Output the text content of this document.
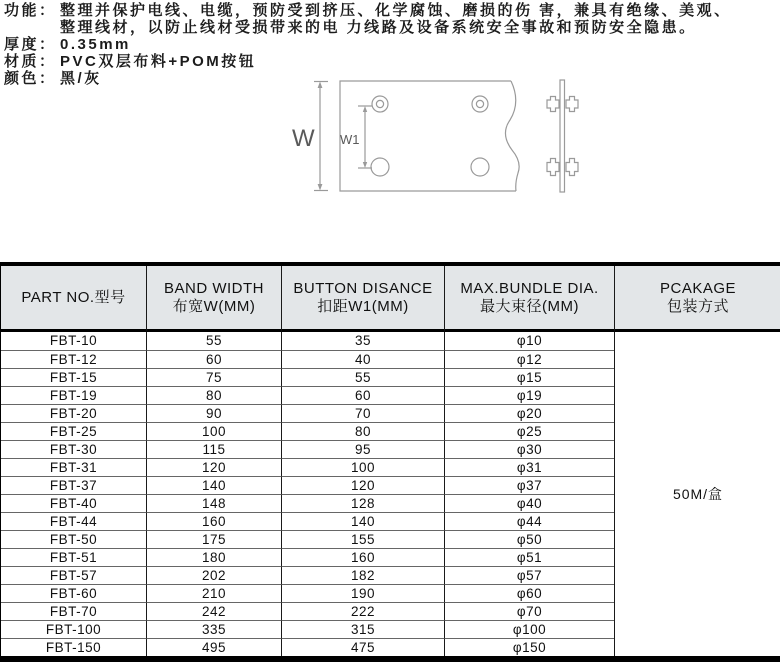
功能： 整理并保护电线、电缆，预防受到挤压、化学腐蚀、磨损的伤 害，兼具有绝缘、美观、
整理线材，以防止线材受损带来的电 力线路及设备系统安全事故和预防安全隐患。
厚度： 0.35mm
材质： PVC双层布料+POM按钮
颜色： 黑/灰
W W1
PART NO.型号

BAND WIDTH
布宽W(MM)

BUTTON DISANCE
扣距W1(MM)

MAX.BUNDLE DIA.
最大束径(MM)

PCAKAGE
包装方式

FBT-10	55	35	φ10	50M/盒
FBT-12	60	40	φ12	
FBT-15	75	55	φ15	
FBT-19	80	60	φ19	
FBT-20	90	70	φ20	
FBT-25	100	80	φ25	
FBT-30	115	95	φ30	
FBT-31	120	100	φ31	
FBT-37	140	120	φ37	
FBT-40	148	128	φ40	
FBT-44	160	140	φ44	
FBT-50	175	155	φ50	
FBT-51	180	160	φ51	
FBT-57	202	182	φ57	
FBT-60	210	190	φ60	
FBT-70	242	222	φ70	
FBT-100	335	315	φ100	
FBT-150	495	475	φ150	
